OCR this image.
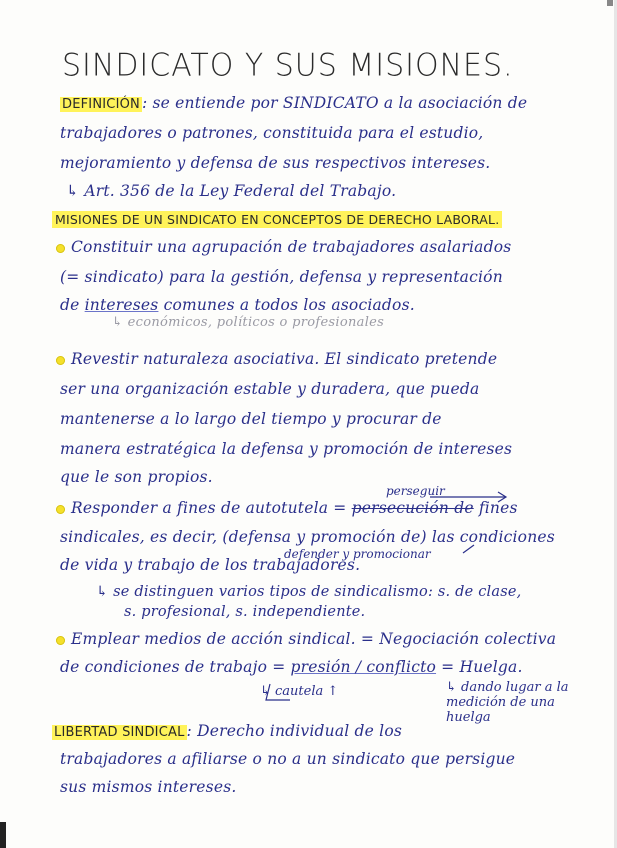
SINDICATO Y SUS MISIONES.
DEFINICIÓN : se entiende por SINDICATO a la asociación de
trabajadores o patrones, constituida para el estudio,
mejoramiento y defensa de sus respectivos intereses.
↳ Art. 356 de la Ley Federal del Trabajo.
MISIONES DE UN SINDICATO EN CONCEPTOS DE DERECHO LABORAL.
Constituir una agrupación de trabajadores asalariados
(= sindicato) para la gestión, defensa y representación
de intereses comunes a todos los asociados.
↳ económicos, políticos o profesionales
Revestir naturaleza asociativa. El sindicato pretende
ser una organización estable y duradera, que pueda
mantenerse a lo largo del tiempo y procurar de
manera estratégica la defensa y promoción de intereses
que le son propios.
perseguir
Responder a fines de autotutela = persecución de fines
sindicales, es decir, (defensa y promoción de) las condiciones
defender y promocionar
de vida y trabajo de los trabajadores.
↳ se distinguen varios tipos de sindicalismo: s. de clase,
s. profesional, s. independiente.
Emplear medios de acción sindical. = Negociación colectiva
de condiciones de trabajo = presión / conflicto = Huelga.
↳ cautela ↑	↳ dando lugar a la medición de una huelga
LIBERTAD SINDICAL : Derecho individual de los
trabajadores a afiliarse o no a un sindicato que persigue
sus mismos intereses.
